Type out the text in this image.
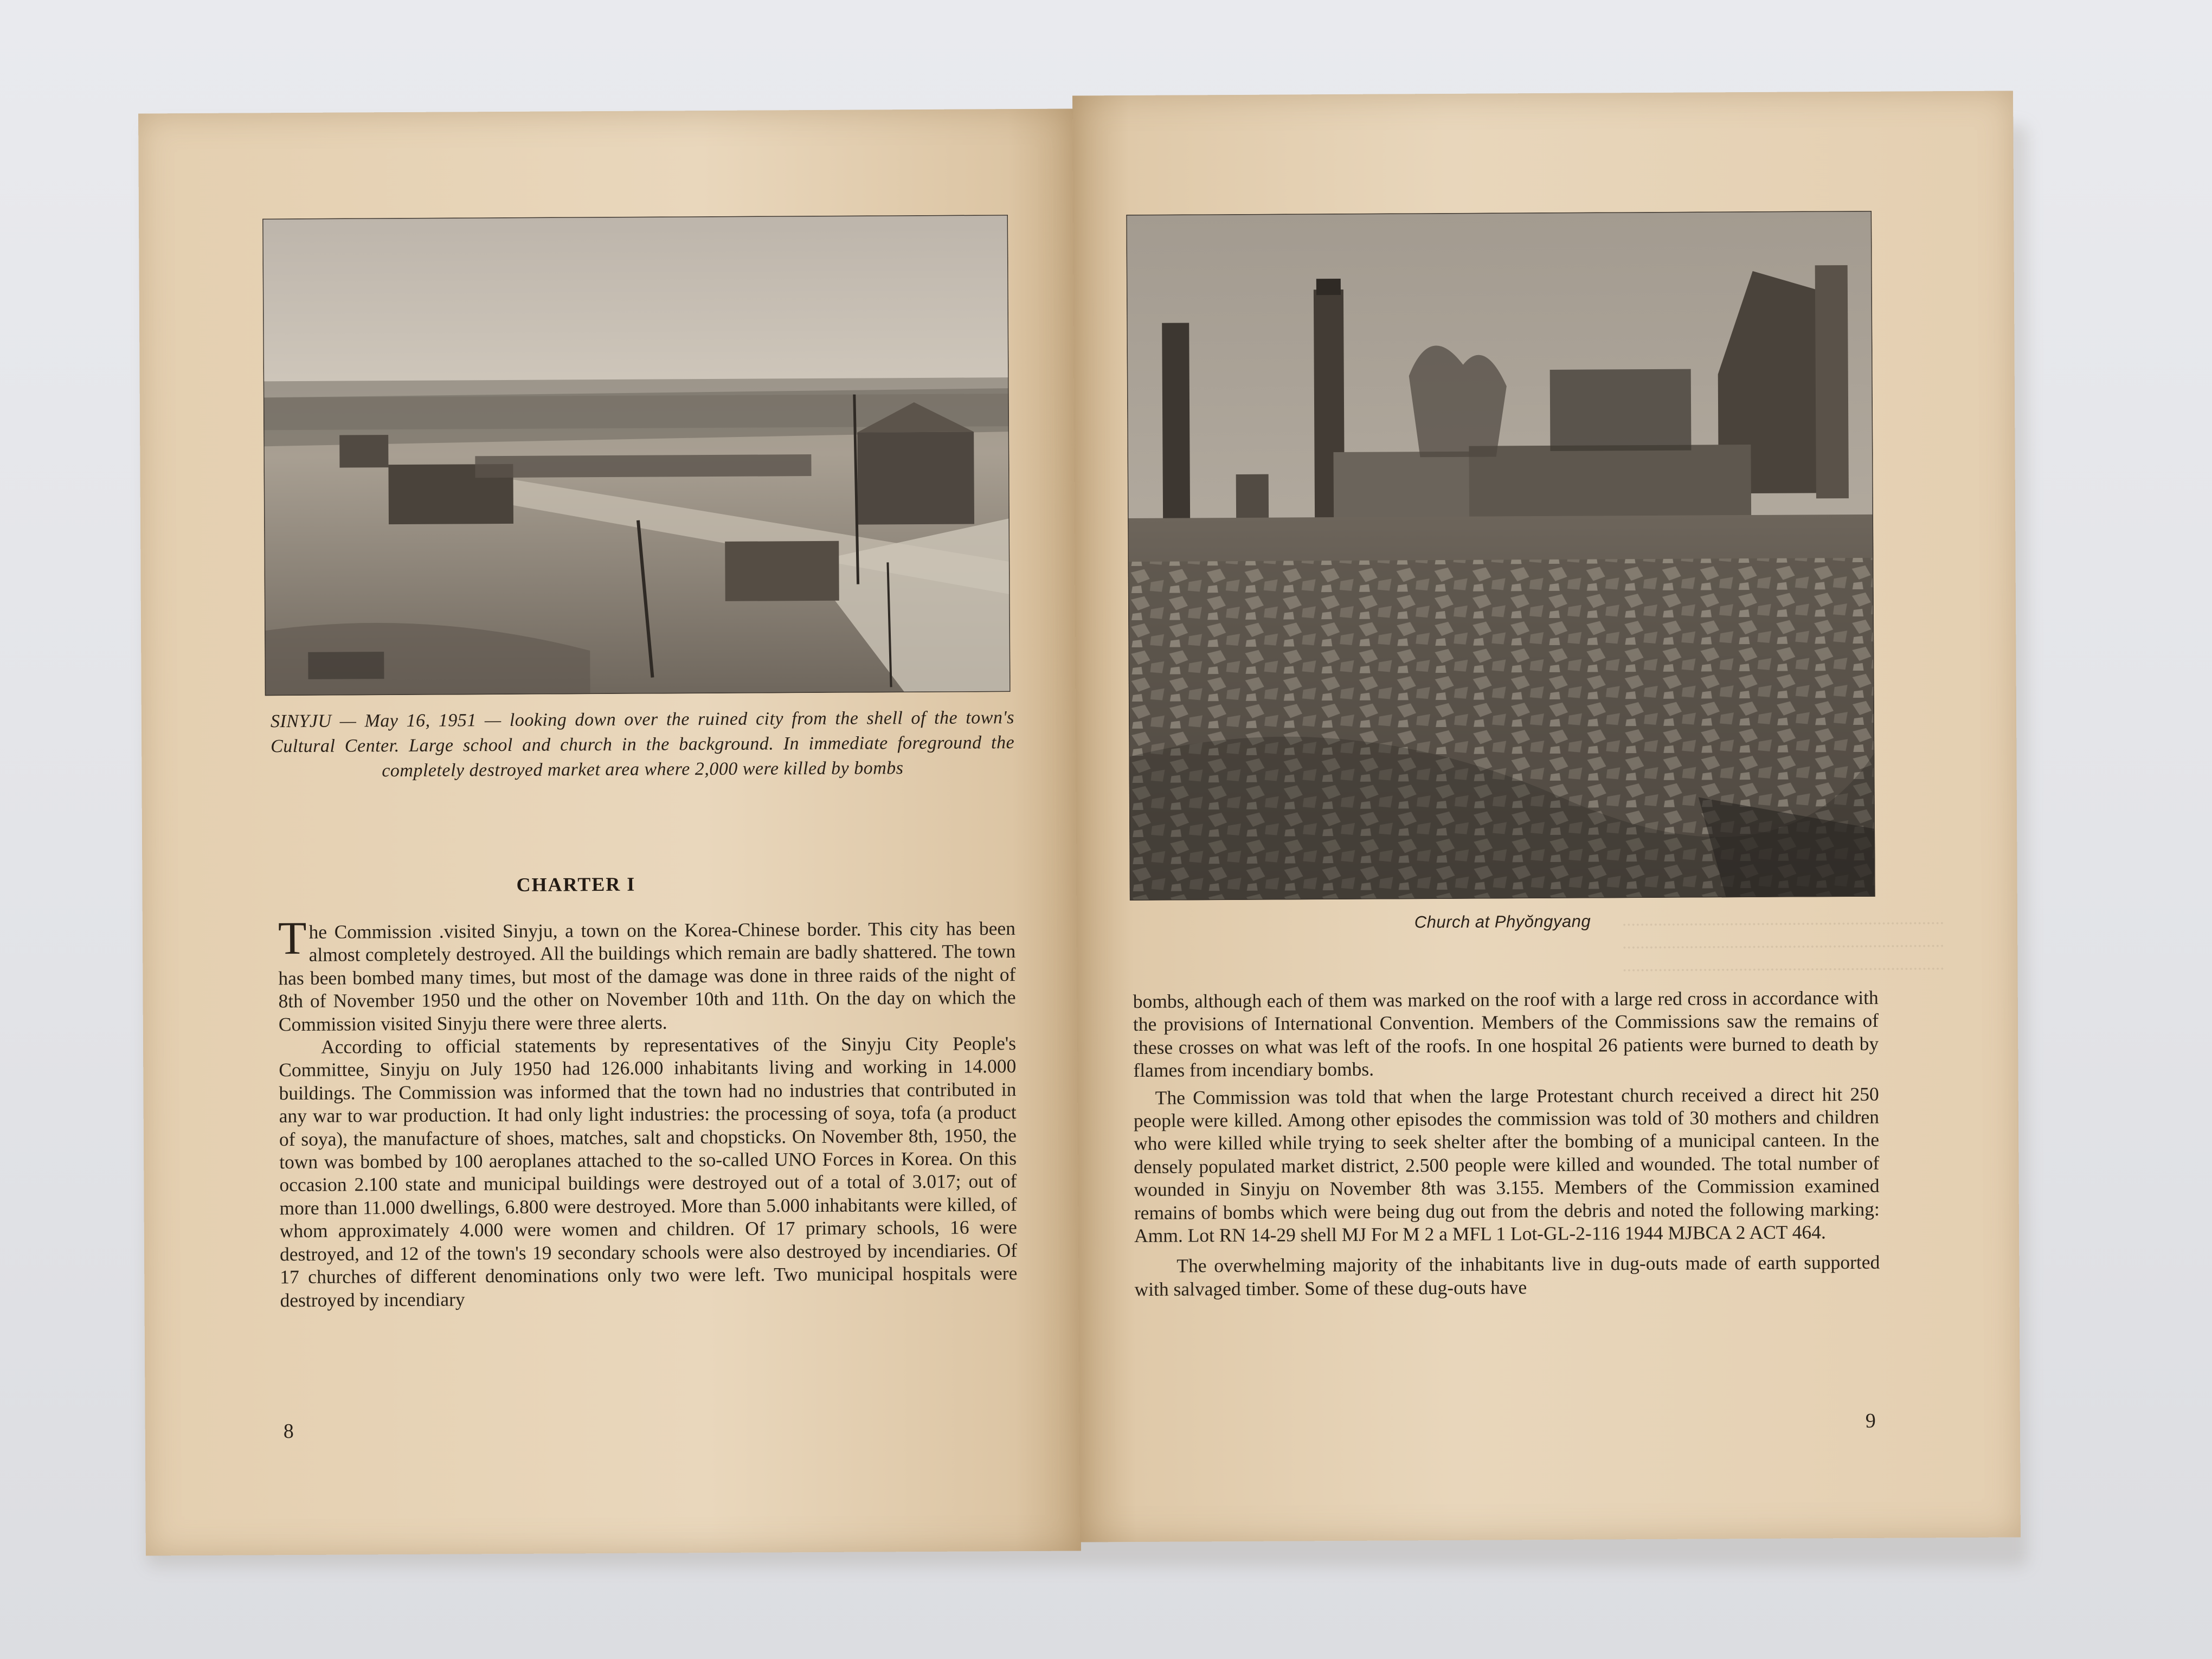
SINYJU — May 16, 1951 — looking down over the ruined city from the shell of the town's Cultural Center. Large school and church in the background. In immediate foreground the completely destroyed market area where 2,000 were killed by bombs
CHARTER I

The Commission .visited Sinyju, a town on the Korea-Chinese border. This city has been almost completely destroyed. All the buildings which remain are badly shattered. The town has been bombed many times, but most of the damage was done in three raids of the night of 8th of November 1950 und the other on November 10th and 11th. On the day on which the Commission visited Sinyju there were three alerts.

According to official statements by representatives of the Sinyju City People's Committee, Sinyju on July 1950 had 126.000 inhabitants living and working in 14.000 buildings. The Commission was informed that the town had no industries that contributed in any war to war production. It had only light industries: the processing of soya, tofa (a product of soya), the manufacture of shoes, matches, salt and chopsticks. On November 8th, 1950, the town was bombed by 100 aeroplanes attached to the so-called UNO Forces in Korea. On this occasion 2.100 state and municipal buildings were destroyed out of a total of 3.017; out of more than 11.000 dwellings, 6.800 were destroyed. More than 5.000 inhabitants were killed, of whom approximately 4.000 were women and children. Of 17 primary schools, 16 were destroyed, and 12 of the town's 19 secondary schools were also destroyed by incendiaries. Of 17 churches of different denominations only two were left. Two municipal hospitals were destroyed by incendiary

8
........................................................................
........................................................................
........................................................................
Church at Phyŏngyang

bombs, although each of them was marked on the roof with a large red cross in accordance with the provisions of International Convention. Members of the Commissions saw the remains of these crosses on what was left of the roofs. In one hospital 26 patients were burned to death by flames from incendiary bombs.

The Commission was told that when the large Protestant church received a direct hit 250 people were killed. Among other episodes the commission was told of 30 mothers and children who were killed while trying to seek shelter after the bombing of a municipal canteen. In the densely populated market district, 2.500 people were killed and wounded. The total number of wounded in Sinyju on November 8th was 3.155. Members of the Commission examined remains of bombs which were being dug out from the debris and noted the following marking: Amm. Lot RN 14-29 shell MJ For M 2 a MFL 1 Lot-GL-2-116 1944 MJBCA 2 ACT 464.

The overwhelming majority of the inhabitants live in dug-outs made of earth supported with salvaged timber. Some of these dug-outs have

9
